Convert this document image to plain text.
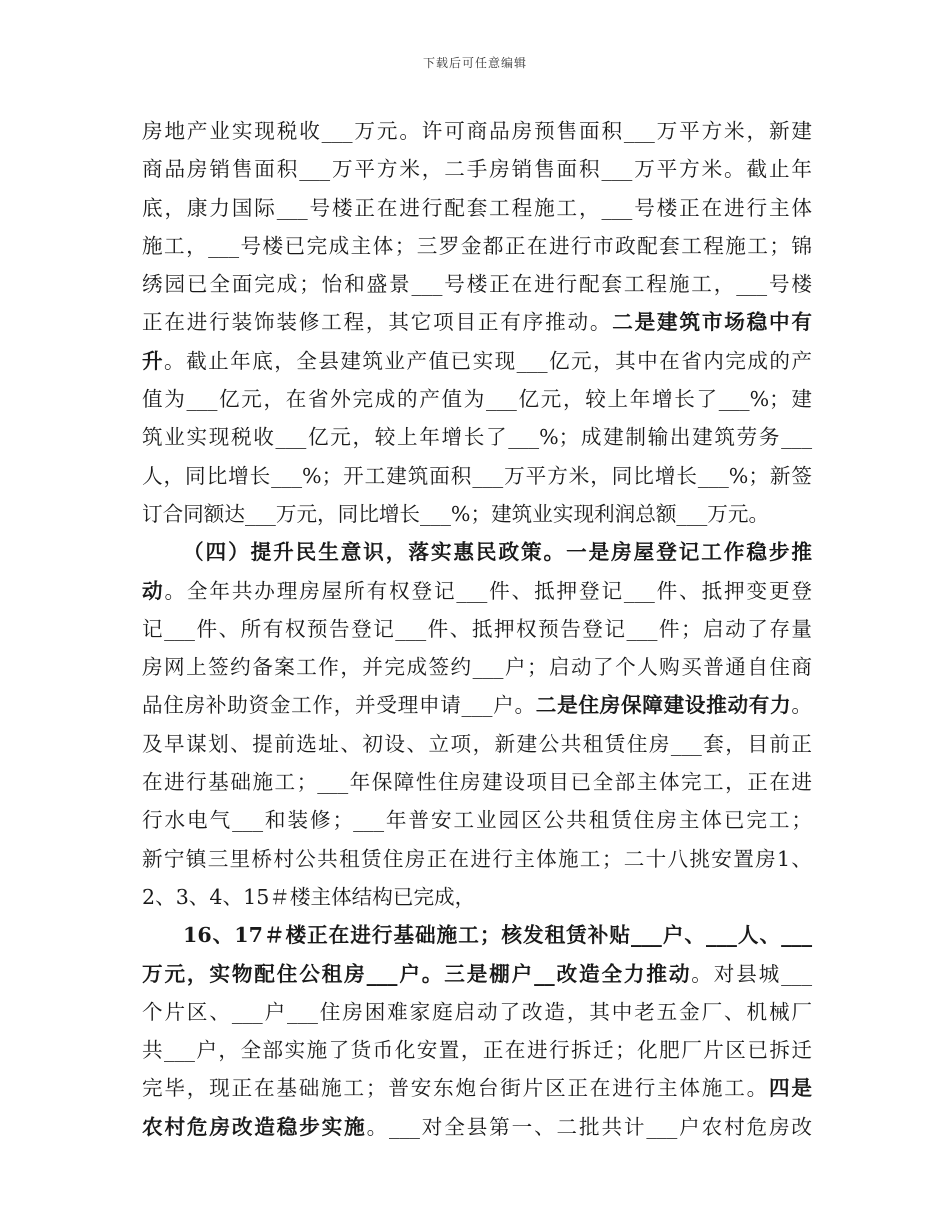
下载后可任意编辑
房地产业实现税收___万元。许可商品房预售面积___万平方米，新建
商品房销售面积___万平方米，二手房销售面积___万平方米。截止年
底，康力国际___号楼正在进行配套工程施工，___号楼正在进行主体
施工，___号楼已完成主体；三罗金都正在进行市政配套工程施工；锦
绣园已全面完成；怡和盛景___号楼正在进行配套工程施工，___号楼
正在进行装饰装修工程，其它项目正有序推动。二是建筑市场稳中有
升。截止年底，全县建筑业产值已实现___亿元，其中在省内完成的产
值为___亿元，在省外完成的产值为___亿元，较上年增长了___%；建
筑业实现税收___亿元，较上年增长了___%；成建制输出建筑劳务___
人，同比增长___%；开工建筑面积___万平方米，同比增长___%；新签
订合同额达___万元，同比增长___%；建筑业实现利润总额___万元。
（四）提升民生意识，落实惠民政策。一是房屋登记工作稳步推
动。全年共办理房屋所有权登记___件、抵押登记___件、抵押变更登
记___件、所有权预告登记___件、抵押权预告登记___件；启动了存量
房网上签约备案工作，并完成签约___户；启动了个人购买普通自住商
品住房补助资金工作，并受理申请___户。二是住房保障建设推动有力。
及早谋划、提前选址、初设、立项，新建公共租赁住房___套，目前正
在进行基础施工；___年保障性住房建设项目已全部主体完工，正在进
行水电气___和装修；___年普安工业园区公共租赁住房主体已完工；
新宁镇三里桥村公共租赁住房正在进行主体施工；二十八挑安置房1、
2、3、4、15＃楼主体结构已完成，
16、17＃楼正在进行基础施工；核发租赁补贴___户、___人、___
万元，实物配住公租房___户。三是棚户__改造全力推动。对县城___
个片区、___户___住房困难家庭启动了改造，其中老五金厂、机械厂
共___户，全部实施了货币化安置，正在进行拆迁；化肥厂片区已拆迁
完毕，现正在基础施工；普安东炮台街片区正在进行主体施工。四是
农村危房改造稳步实施。___对全县第一、二批共计___户农村危房改
